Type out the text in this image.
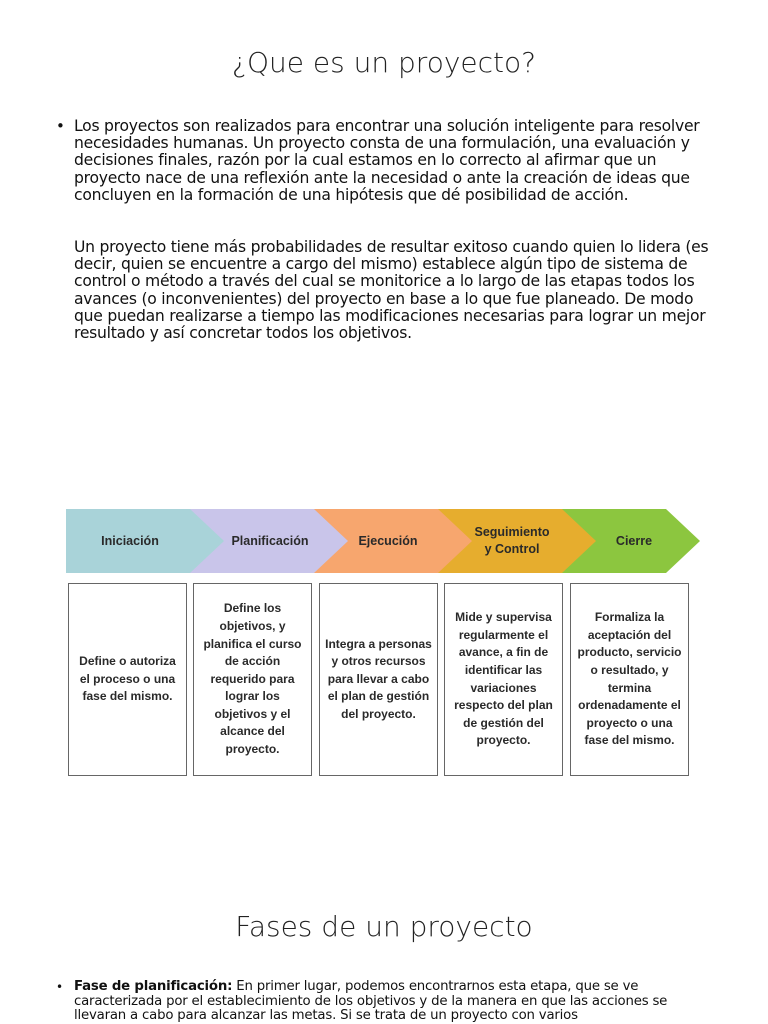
¿Que es un proyecto?
• Los proyectos son realizados para encontrar una solución inteligente para resolver necesidades humanas. Un proyecto consta de una formulación, una evaluación y decisiones finales, razón por la cual estamos en lo correcto al afirmar que un proyecto nace de una reflexión ante la necesidad o ante la creación de ideas que concluyen en la formación de una hipótesis que dé posibilidad de acción.

Un proyecto tiene más probabilidades de resultar exitoso cuando quien lo lidera (es decir, quien se encuentre a cargo del mismo) establece algún tipo de sistema de control o método a través del cual se monitorice a lo largo de las etapas todos los avances (o inconvenientes) del proyecto en base a lo que fue planeado. De modo que puedan realizarse a tiempo las modificaciones necesarias para lograr un mejor resultado y así concretar todos los objetivos.

Iniciación	Planificación	Ejecución
Seguimiento y Control
Cierre
Define o autoriza el proceso o una fase del mismo.
Define los objetivos, y planifica el curso de acción requerido para lograr los objetivos y el alcance del proyecto.
Integra a personas y otros recursos para llevar a cabo el plan de gestión del proyecto.
Mide y supervisa regularmente el avance, a fin de identificar las variaciones respecto del plan de gestión del proyecto.
Formaliza la aceptación del producto, servicio o resultado, y termina ordenadamente el proyecto o una fase del mismo.
Fases de un proyecto
• Fase de planificación: En primer lugar, podemos encontrarnos esta etapa, que se ve caracterizada por el establecimiento de los objetivos y de la manera en que las acciones se llevaran a cabo para alcanzar las metas. Si se trata de un proyecto con varios
